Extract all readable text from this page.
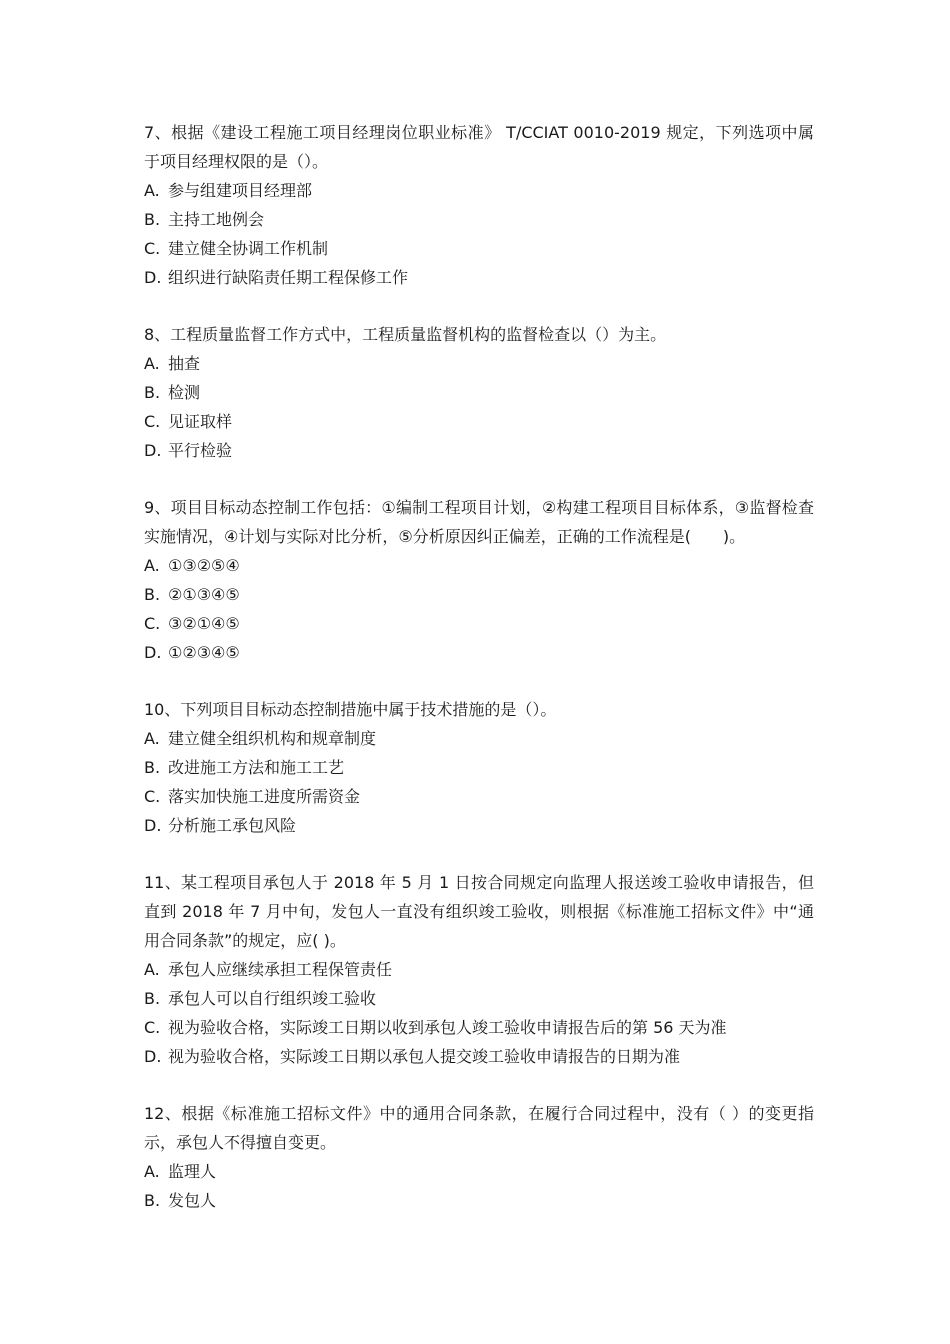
7、根据《建设工程施工项目经理岗位职业标准》 T/CCIAT 0010-2019 规定，下列选项中属于项目经理权限的是（）。

A. 参与组建项目经理部

B. 主持工地例会

C. 建立健全协调工作机制

D. 组织进行缺陷责任期工程保修工作

8、工程质量监督工作方式中，工程质量监督机构的监督检查以（）为主。

A. 抽查

B. 检测

C. 见证取样

D. 平行检验

9、项目目标动态控制工作包括：①编制工程项目计划，②构建工程项目目标体系，③监督检查实施情况，④计划与实际对比分析，⑤分析原因纠正偏差，正确的工作流程是(　　)。

A. ①③②⑤④

B. ②①③④⑤

C. ③②①④⑤

D. ①②③④⑤

10、下列项目目标动态控制措施中属于技术措施的是（）。

A. 建立健全组织机构和规章制度

B. 改进施工方法和施工工艺

C. 落实加快施工进度所需资金

D. 分析施工承包风险

11、某工程项目承包人于 2018 年 5 月 1 日按合同规定向监理人报送竣工验收申请报告，但直到 2018 年 7 月中旬，发包人一直没有组织竣工验收，则根据《标准施工招标文件》中“通用合同条款”的规定，应( )。

A. 承包人应继续承担工程保管责任

B. 承包人可以自行组织竣工验收

C. 视为验收合格，实际竣工日期以收到承包人竣工验收申请报告后的第 56 天为准

D. 视为验收合格，实际竣工日期以承包人提交竣工验收申请报告的日期为准

12、根据《标准施工招标文件》中的通用合同条款，在履行合同过程中，没有（ ）的变更指示，承包人不得擅自变更。

A. 监理人

B. 发包人
